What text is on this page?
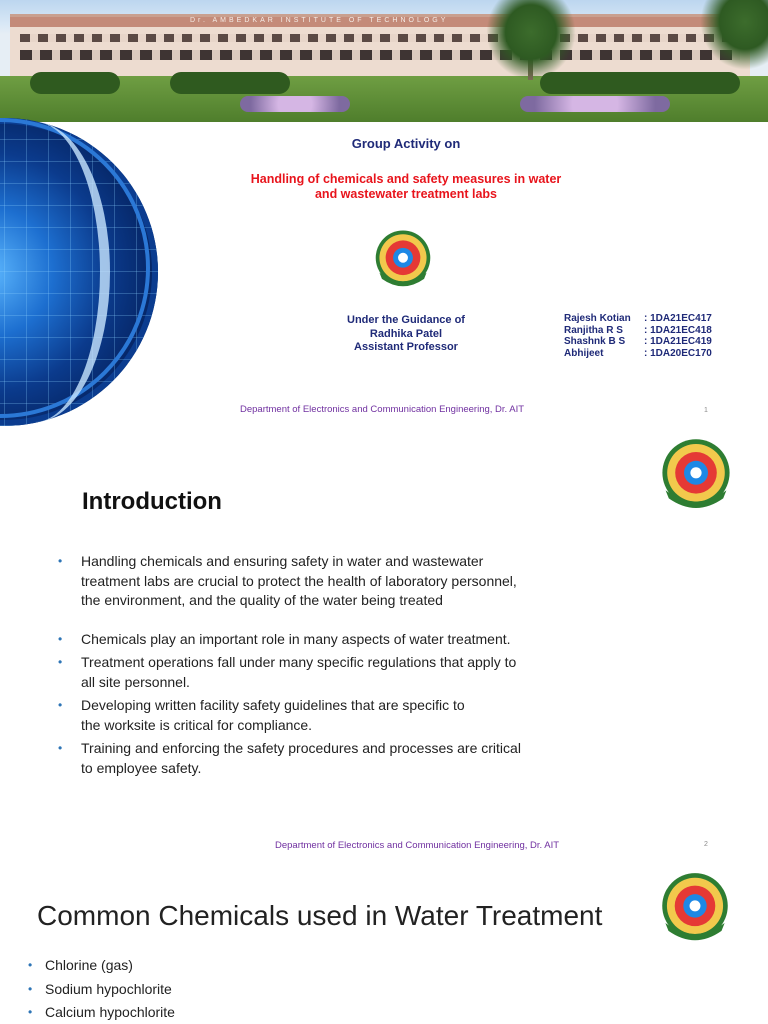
Dr. AMBEDKAR INSTITUTE OF TECHNOLOGY
Group Activity on
Handling of chemicals and safety measures in water
and wastewater treatment labs
Under the Guidance of
Radhika Patel
Assistant Professor
Rajesh Kotian	: 1DA21EC417
Ranjitha R S	: 1DA21EC418
Shashnk B S	: 1DA21EC419
Abhijeet	: 1DA20EC170
Department of Electronics and Communication Engineering, Dr. AIT	1
Introduction
• Handling chemicals and ensuring safety in water and wastewater
treatment labs are crucial to protect the health of laboratory personnel,
the environment, and the quality of the water being treated
• Chemicals play an important role in many aspects of water treatment.
• Treatment operations fall under many specific regulations that apply to
all site personnel.
• Developing written facility safety guidelines that are specific to
the worksite is critical for compliance.
• Training and enforcing the safety procedures and processes are critical
to employee safety.
Department of Electronics and Communication Engineering, Dr. AIT	2
Common Chemicals used in Water Treatment
• Chlorine (gas)
• Sodium hypochlorite
• Calcium hypochlorite
